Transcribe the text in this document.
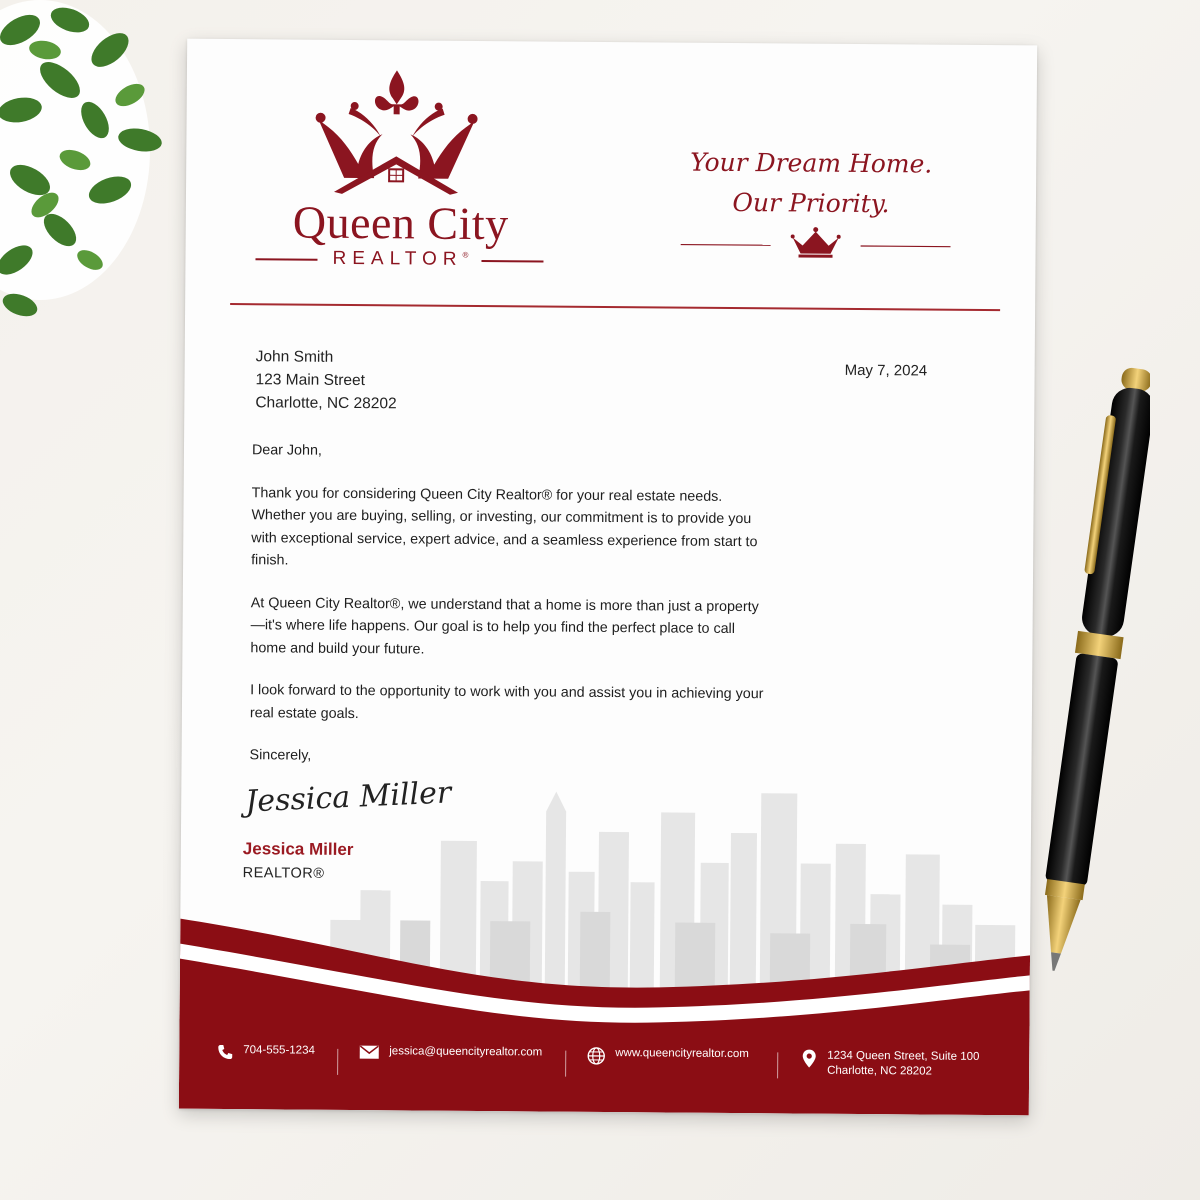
Queen City
REALTOR®
Your Dream Home.
Our Priority.
John Smith
123 Main Street
Charlotte, NC 28202
May 7, 2024

Dear John,

Thank you for considering Queen City Realtor® for your real estate needs. Whether you are buying, selling, or investing, our commitment is to provide you with exceptional service, expert advice, and a seamless experience from start to finish.

At Queen City Realtor®, we understand that a home is more than just a property—it's where life happens. Our goal is to help you find the perfect place to call home and build your future.

I look forward to the opportunity to work with you and assist you in achieving your real estate goals.

Sincerely,

Jessica Miller
Jessica Miller
REALTOR®
704-555-1234	jessica@queencityrealtor.com	www.queencityrealtor.com	1234 Queen Street, Suite 100
Charlotte, NC 28202
